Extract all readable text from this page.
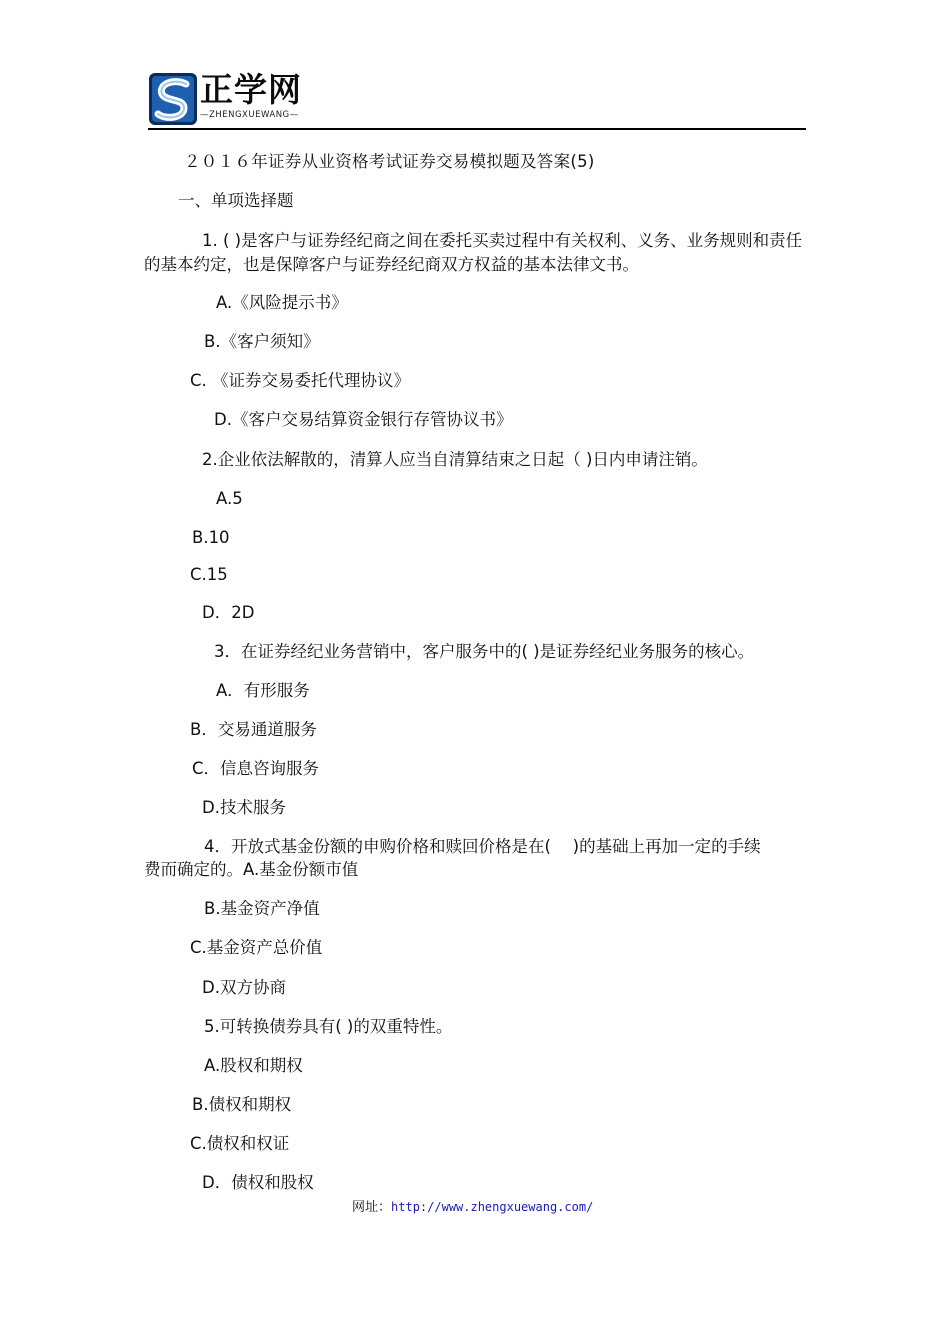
正学网
—ZHENGXUEWANG—
２０１６年证券从业资格考试证券交易模拟题及答案(5)
一、单项选择题
1. ( )是客户与证券经纪商之间在委托买卖过程中有关权利、义务、业务规则和责任的基本约定，也是保障客户与证券经纪商双方权益的基本法律文书。
A.《风险提示书》
B.《客户须知》
C. 《证券交易委托代理协议》
D.《客户交易结算资金银行存管协议书》
2.企业依法解散的，清算人应当自清算结束之日起（ )日内申请注销。
A.5
B.10
C.15
D．2D
3．在证券经纪业务营销中，客户服务中的( )是证券经纪业务服务的核心。
A．有形服务
B．交易通道服务
C．信息咨询服务
D.技术服务
4．开放式基金份额的申购价格和赎回价格是在(　 )的基础上再加一定的手续
费而确定的。A.基金份额市值
B.基金资产净值
C.基金资产总价值
D.双方协商
5.可转换债券具有( )的双重特性。
A.股权和期权
B.债权和期权
C.债权和权证
D．债权和股权
网址：http://www.zhengxuewang.com/
